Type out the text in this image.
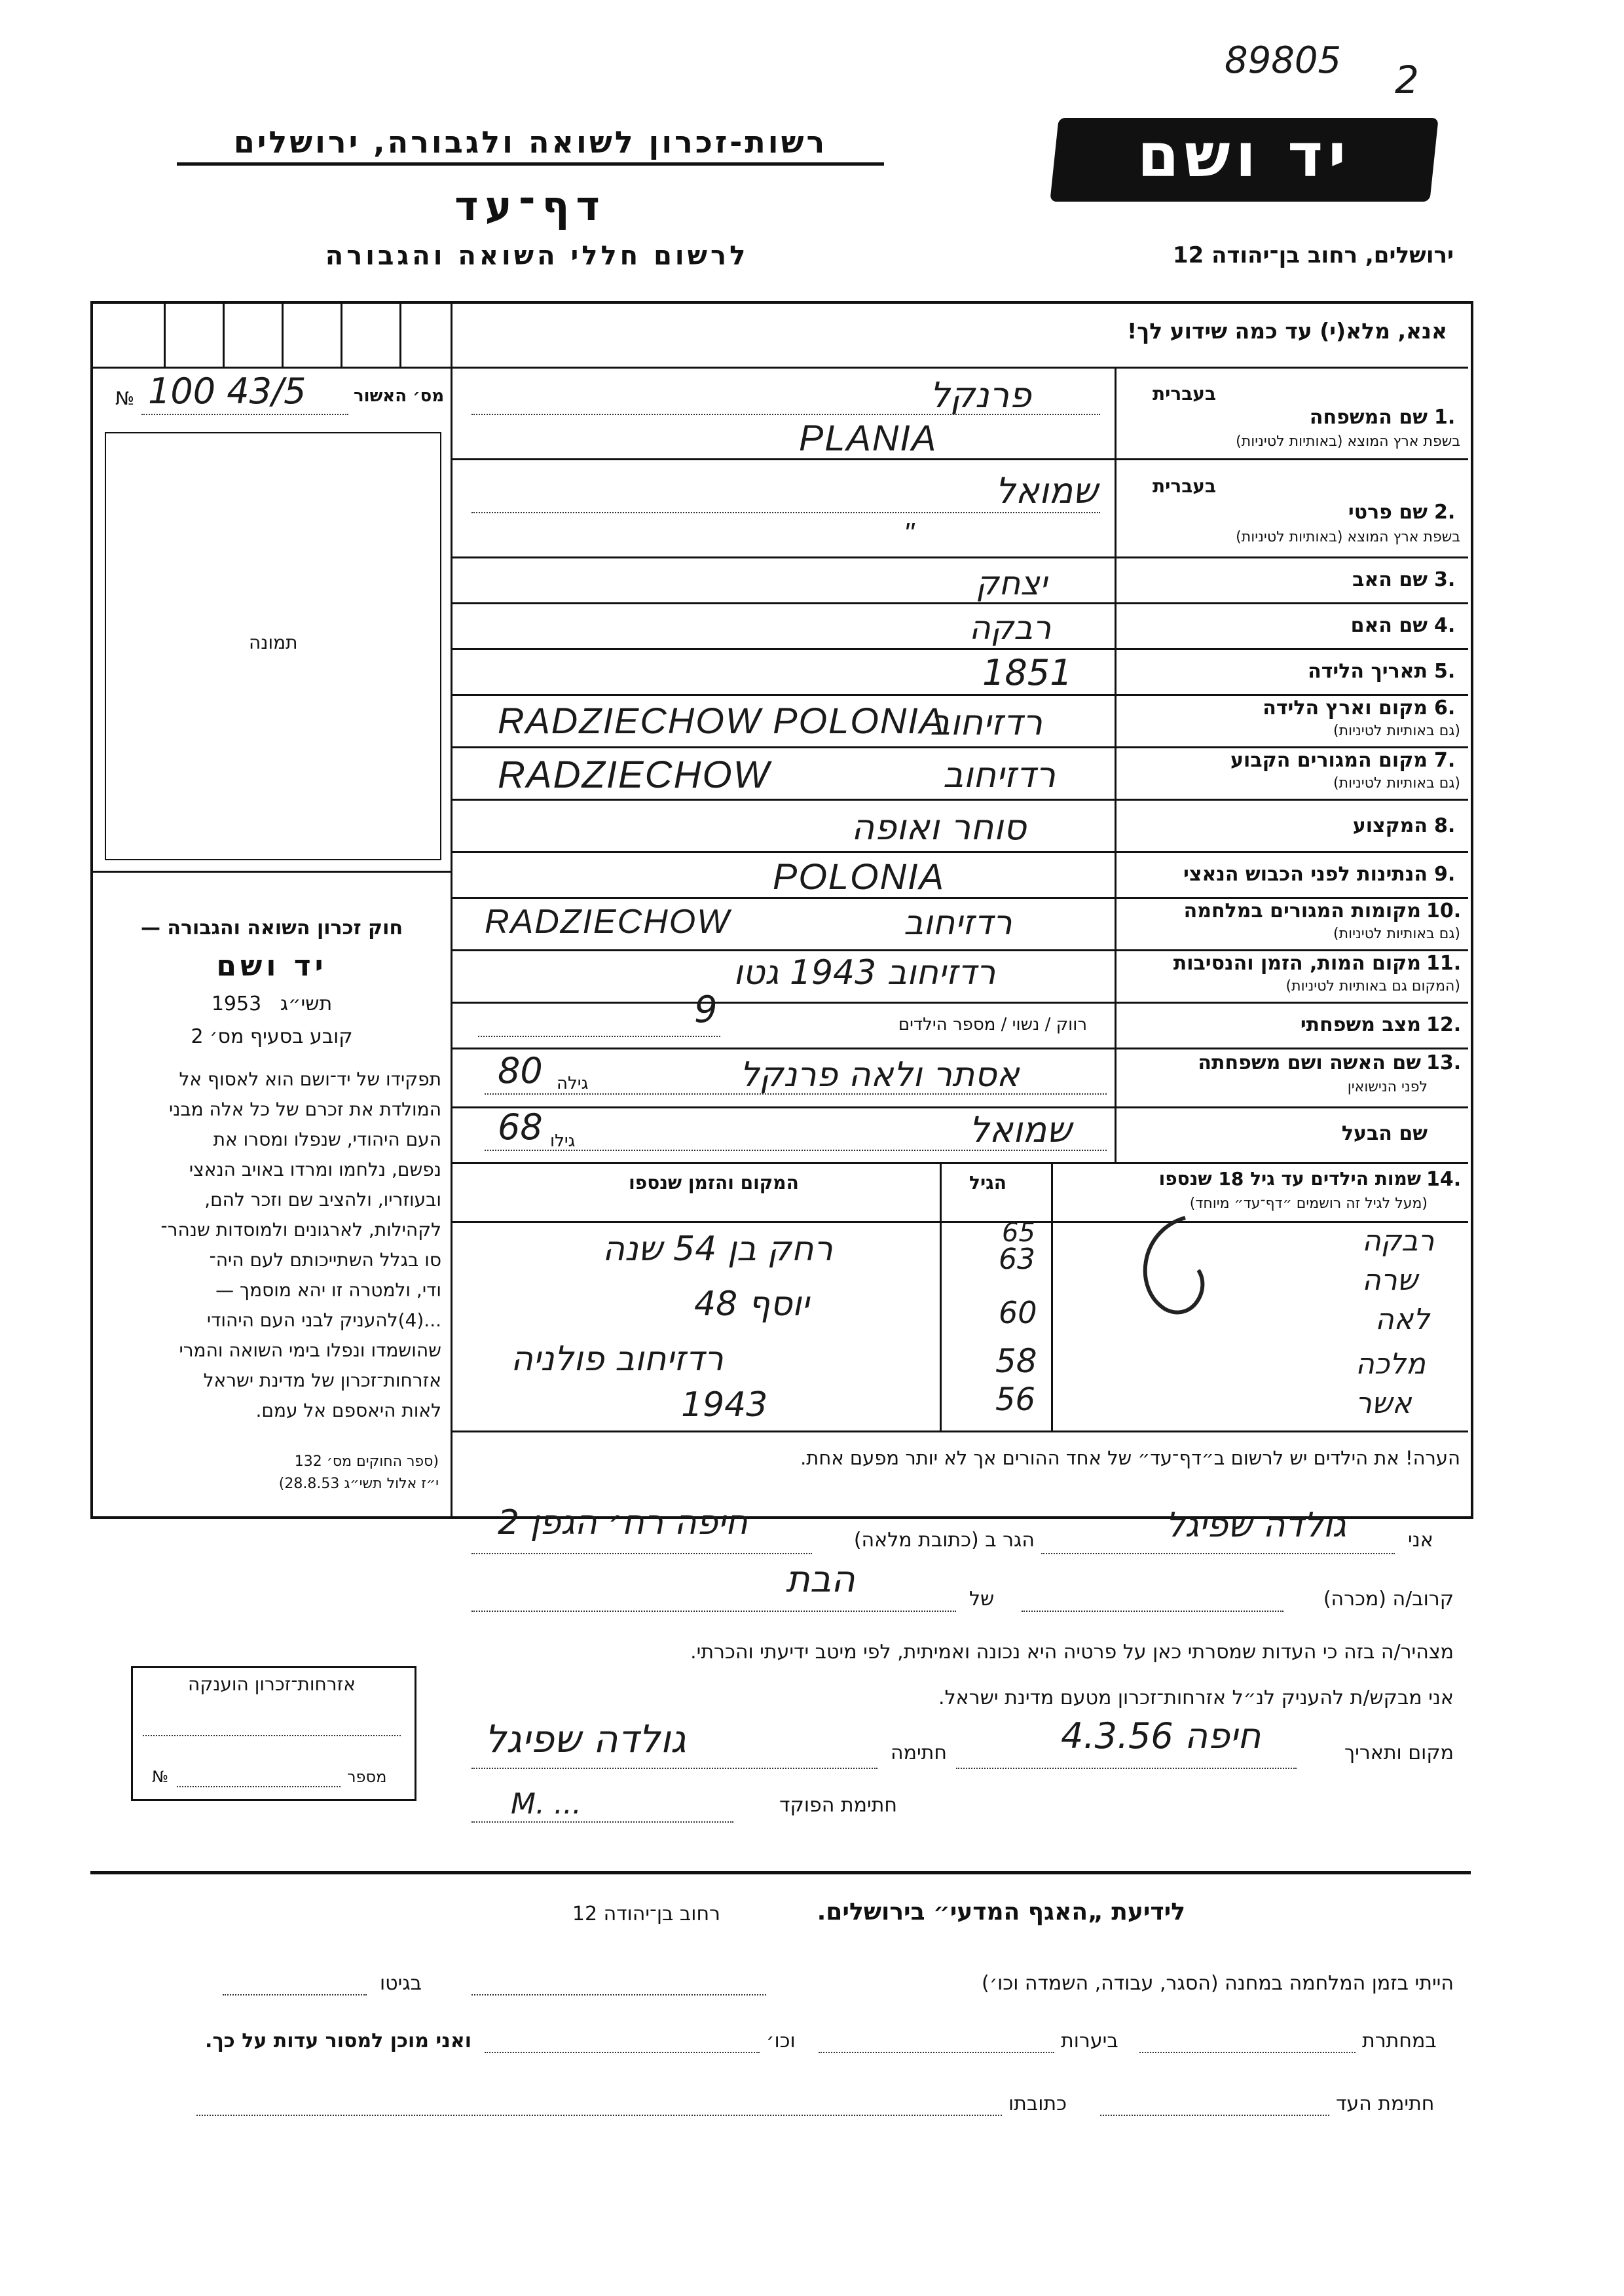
89805 2
רשות-זכרון לשואה ולגבורה, ירושלים
דף־עד
לרשום חללי השואה והגבורה
יד ושם
ירושלים, רחוב בן־יהודה 12
אנא, מלא(י) עד כמה שידוע לך!
מס׳ האשור
№ 100 43/5
תמונה
חוק זכרון השואה והגבורה —
יד ושם
1953 תשי״ג
קובע בסעיף מס׳ 2
תפקידו של יד־ושם הוא לאסוף אל
המולדת את זכרם של כל אלה מבני
העם היהודי, שנפלו ומסרו את
נפשם, נלחמו ומרדו באויב הנאצי
ובעוזריו, ולהציב שם וזכר להם,
לקהילות, לארגונים ולמוסדות שנהר־
סו בגלל השתייכותם לעם היה־
ודי, ולמטרה זו יהא מוסמך —
...(4)להעניק לבני העם היהודי
שהושמדו ונפלו בימי השואה והמרי
אזרחות־זכרון של מדינת ישראל
לאות היאספם אל עמם.
(ספר החוקים מס׳ 132
י״ז אלול תשי״ג 28.8.53)
בעברית
1.
שם המשפחה
בשפת ארץ המוצא (באותיות לטיניות)
פרנקל
PLANIA
בעברית
2.
שם פרטי
בשפת ארץ המוצא (באותיות לטיניות)
שמואל
"
3.
שם האב
יצחק
4.
שם האם
רבקה
5.
תאריך הלידה
1851
6.
מקום וארץ הלידה
(גם באותיות לטיניות)
RADZIECHOW POLONIA
רדזיחוב
7.
מקום המגורים הקבוע
(גם באותיות לטיניות)
RADZIECHOW	רדזיחוב
8.
המקצוע
סוחר ואופה
9.
הנתינות לפני הכבוש הנאצי
POLONIA
10.
מקומות המגורים במלחמה
(גם באותיות לטיניות)
RADZIECHOW	רדזיחוב
11.
מקום המות, הזמן והנסיבות
(המקום גם באותיות לטיניות)
רדזיחוב 1943 גטו
12.
מצב משפחתי
רווק / נשוי / מספר הילדים
9
13.
שם האשה ושם משפחתה
לפני הנישואין
אסתר ולאה פרנקל
גילה
80
שם הבעל
שמואל
גילו
68
14.
שמות הילדים עד גיל 18 שנספו
(מעל לגיל זה רושמים ״דף־עד״ מיוחד)
הגיל
המקום והזמן שנספו
רבקה
שרה
לאה
מלכה
אשר
65
63
60
58
56
רחק בן 54 שנה
יוסף 48
רדזיחוב פולניה
1943
הערה! את הילדים יש לרשום ב״דף־עד״ של אחד ההורים אך לא יותר מפעם אחת.
אני
גולדה שפיגל
הגר ב (כתובת מלאה)
חיפה רח׳ הגפן 2
קרוב/ה (מכרה)
של
הבת
מצהיר/ה בזה כי העדות שמסרתי כאן על פרטיה היא נכונה ואמיתית, לפי מיטב ידיעתי והכרתי.
אני מבקש/ת להעניק לנ״ל אזרחות־זכרון מטעם מדינת ישראל.
מקום ותאריך
חיפה 4.3.56
חתימה
גולדה שפיגל
חתימת הפוקד
M. ...
אזרחות־זכרון הוענקה
מספר
№
לידיעת „האגף המדעי״ בירושלים.
רחוב בן־יהודה 12
הייתי בזמן המלחמה במחנה (הסגר, עבודה, השמדה וכו׳)
בגיטו
במחתרת
ביערות
וכו׳
ואני מוכן למסור עדות על כך.
חתימת העד
כתובתו
